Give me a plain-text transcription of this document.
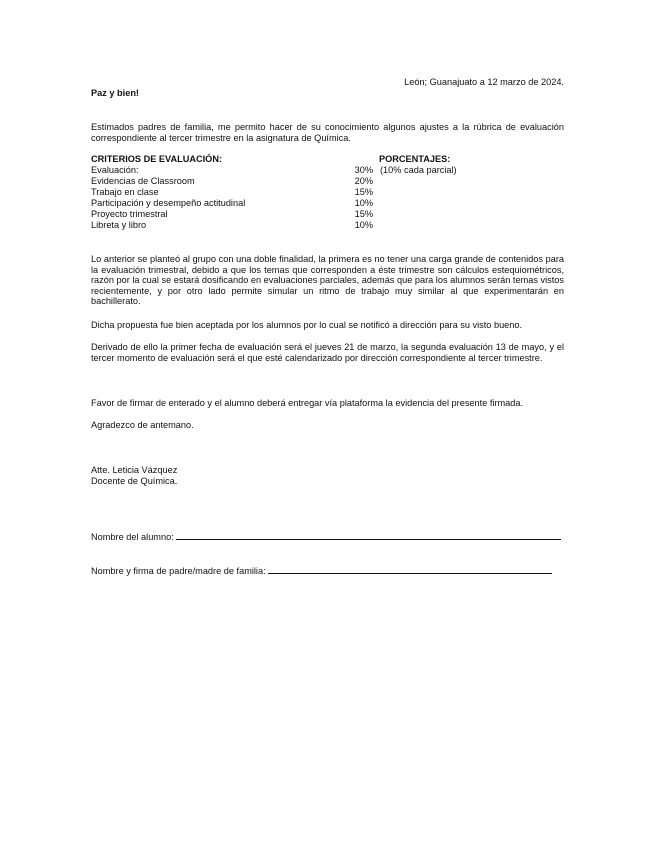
León; Guanajuato a 12 marzo de 2024.
Paz y bien!
Estimados padres de familia, me permito hacer de su conocimiento algunos ajustes a la rúbrica de evaluación correspondiente al tercer trimestre en la asignatura de Química.
CRITERIOS DE EVALUACIÓN:	PORCENTAJES:
Evaluación:	30% (10% cada parcial)
Evidencias de Classroom	20%
Trabajo en clase	15%
Participación y desempeño actitudinal	10%
Proyecto trimestral	15%
Libreta y libro	10%
Lo anterior se planteó al grupo con una doble finalidad, la primera es no tener una carga grande de contenidos para la evaluación trimestral, debido a que los temas que corresponden a éste trimestre son cálculos estequiométricos, razón por la cual se estará dosificando en evaluaciones parciales, además que para los alumnos serán temas vistos recientemente, y por otro lado permite simular un ritmo de trabajo muy similar al que experimentarán en bachillerato.
Dicha propuesta fue bien aceptada por los alumnos por lo cual se notificó a dirección para su visto bueno.
Derivado de ello la primer fecha de evaluación será el jueves 21 de marzo, la segunda evaluación 13 de mayo, y el tercer momento de evaluación será el que esté calendarizado por dirección correspondiente al tercer trimestre.
Favor de firmar de enterado y el alumno deberá entregar vía plataforma la evidencia del presente firmada.
Agradezco de antemano.
Atte. Leticia Vázquez
Docente de Química.
Nombre del alumno:
Nombre y firma de padre/madre de familia:
